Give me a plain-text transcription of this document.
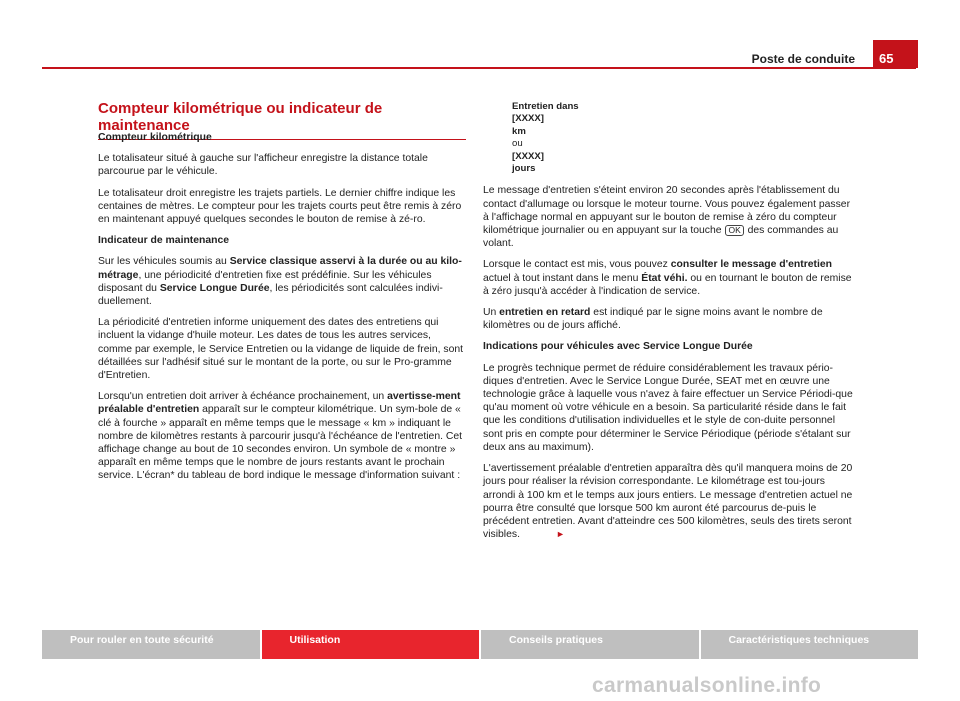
Poste de conduite	65
Compteur kilométrique ou indicateur de maintenance

Compteur kilométrique

Le totalisateur situé à gauche sur l'afficheur enregistre la distance totale parcourue par le véhicule.

Le totalisateur droit enregistre les trajets partiels. Le dernier chiffre indique les centaines de mètres. Le compteur pour les trajets courts peut être remis à zéro en maintenant appuyé quelques secondes le bouton de remise à zé-ro.

Indicateur de maintenance

Sur les véhicules soumis au Service classique asservi à la durée ou au kilo-métrage, une périodicité d'entretien fixe est prédéfinie. Sur les véhicules disposant du Service Longue Durée, les périodicités sont calculées indivi-duellement.

La périodicité d'entretien informe uniquement des dates des entretiens qui incluent la vidange d'huile moteur. Les dates de tous les autres services, comme par exemple, le Service Entretien ou la vidange de liquide de frein, sont détaillées sur l'adhésif situé sur le montant de la porte, ou sur le Pro-gramme d'Entretien.

Lorsqu'un entretien doit arriver à échéance prochainement, un avertisse-ment préalable d'entretien apparaît sur le compteur kilométrique. Un sym-bole de « clé à fourche » apparaît en même temps que le message « km » indiquant le nombre de kilomètres restants à parcourir jusqu'à l'échéance de l'entretien. Cet affichage change au bout de 10 secondes environ. Un symbole de « montre » apparaît en même temps que le nombre de jours restants avant le prochain service. L'écran* du tableau de bord indique le message d'information suivant :

Entretien dans
[XXXX]
km
ou
[XXXX]
jours

Le message d'entretien s'éteint environ 20 secondes après l'établissement du contact d'allumage ou lorsque le moteur tourne. Vous pouvez également passer à l'affichage normal en appuyant sur le bouton de remise à zéro du compteur kilométrique journalier ou en appuyant sur la touche OK des commandes au volant.

Lorsque le contact est mis, vous pouvez consulter le message d'entretien actuel à tout instant dans le menu État véhi. ou en tournant le bouton de remise à zéro jusqu'à accéder à l'indication de service.

Un entretien en retard est indiqué par le signe moins avant le nombre de kilomètres ou de jours affiché.

Indications pour véhicules avec Service Longue Durée

Le progrès technique permet de réduire considérablement les travaux pério-diques d'entretien. Avec le Service Longue Durée, SEAT met en œuvre une technologie grâce à laquelle vous n'avez à faire effectuer un Service Périodi-que qu'au moment où votre véhicule en a besoin. Sa particularité réside dans le fait que les conditions d'utilisation individuelles et le style de con-duite personnel sont pris en compte pour déterminer le Service Périodique (période s'étalant sur deux ans au maximum).

L'avertissement préalable d'entretien apparaîtra dès qu'il manquera moins de 20 jours pour réaliser la révision correspondante. Le kilométrage est tou-jours arrondi à 100 km et le temps aux jours entiers. Le message d'entretien actuel ne pourra être consulté que lorsque 500 km auront été parcourus de-puis le précédent entretien. Avant d'atteindre ces 500 kilomètres, seuls des tirets seront visibles.	►

Pour rouler en toute sécurité	Utilisation	Conseils pratiques	Caractéristiques techniques
carmanualsonline.info
